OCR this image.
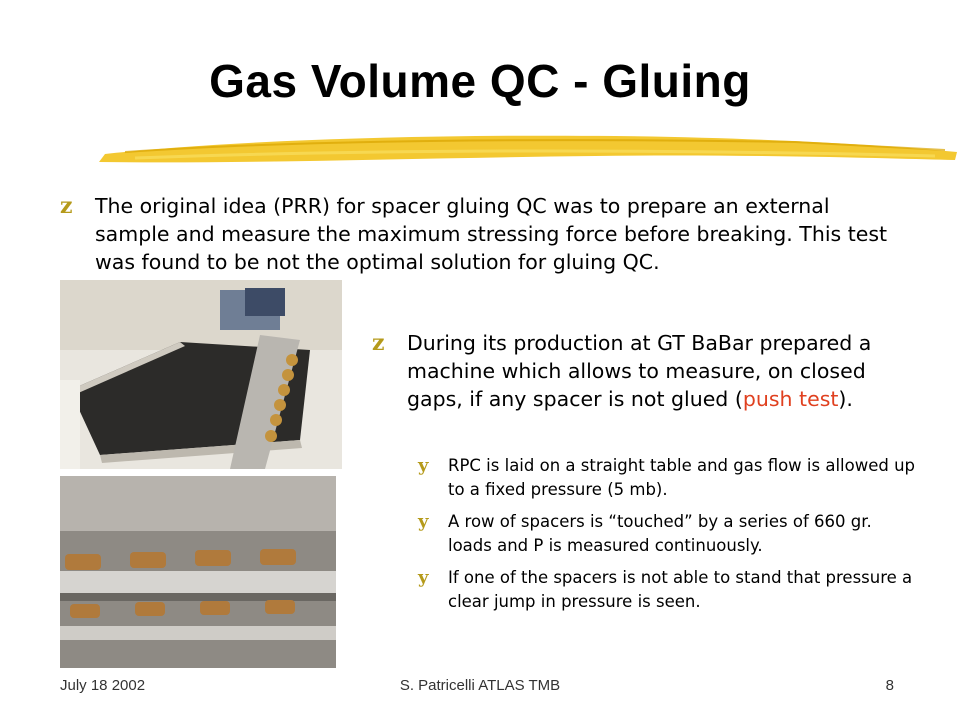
Gas Volume QC - Gluing
z The original idea (PRR) for spacer gluing QC was to prepare an external sample and measure the maximum stressing force before breaking. This test was found to be not the optimal solution for gluing QC.
z During its production at GT BaBar prepared a machine which allows to measure, on closed gaps, if any spacer is not glued (push test).
y RPC is laid on a straight table and gas flow is allowed up to a fixed pressure (5 mb).
y A row of spacers is “touched” by a series of 660 gr. loads and P is measured continuously.
y If one of the spacers is not able to stand that pressure a clear jump in pressure is seen.
July 18 2002	S. Patricelli ATLAS TMB	8
